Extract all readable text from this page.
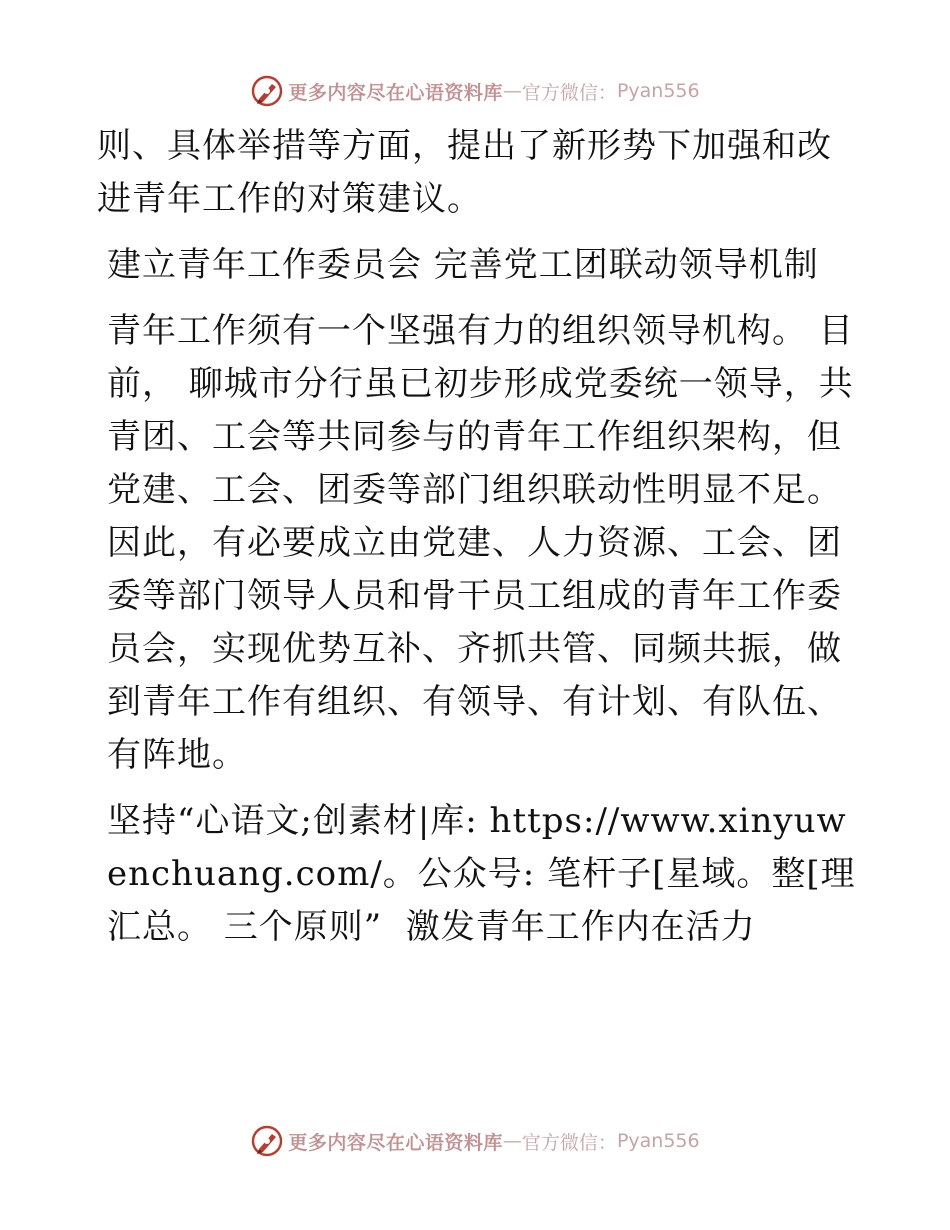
更多内容尽在心语资料库 — 官方微信： Pyan556

则、具体举措等方面，提出了新形势下加强和改进青年工作的对策建议。

建立青年工作委员会 完善党工团联动领导机制

青年工作须有一个坚强有力的组织领导机构。 目前， 聊城市分行虽已初步形成党委统一领导，共青团、工会等共同参与的青年工作组织架构，但党建、工会、团委等部门组织联动性明显不足。因此，有必要成立由党建、人力资源、工会、团委等部门领导人员和骨干员工组成的青年工作委员会，实现优势互补、齐抓共管、同频共振，做到青年工作有组织、有领导、有计划、有队伍、有阵地。

坚持“心语文;创素材|库: https://www.xinyuwenchuang.com/。公众号: 笔杆子[星域。整[理汇总。 三个原则”  激发青年工作内在活力

更多内容尽在心语资料库 — 官方微信： Pyan556
